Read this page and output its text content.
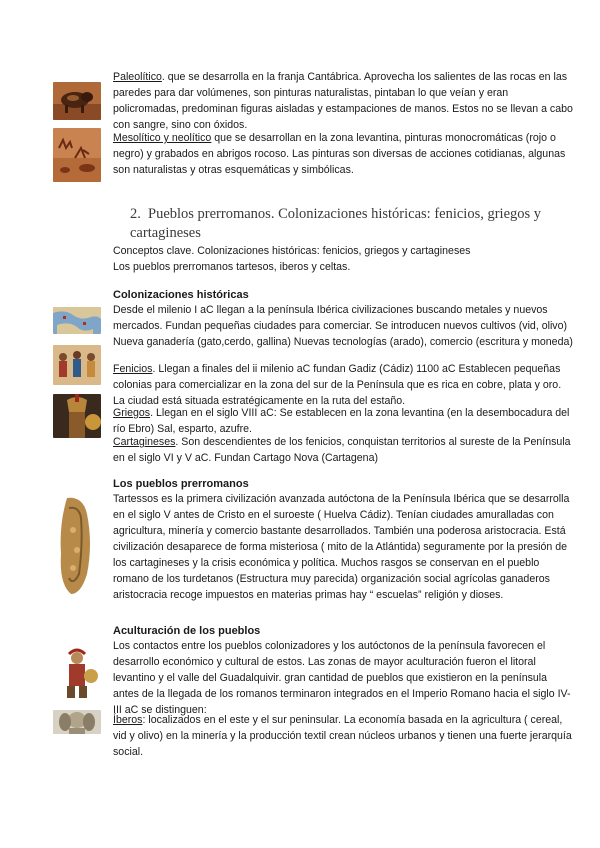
Paleolítico. que se desarrolla en la franja Cantábrica. Aprovecha los salientes de las rocas en las paredes para dar volúmenes, son pinturas naturalistas, pintaban lo que veían y eran policromadas, predominan figuras aisladas y estampaciones de manos. Estos no se llevan a cabo con sangre, sino con óxidos.

Mesolítico y neolítico que se desarrollan en la zona levantina, pinturas monocromáticas (rojo o negro) y grabados en abrigos rocoso. Las pinturas son diversas de acciones cotidianas, algunas son naturalistas y otras esquemáticas y simbólicas.

2. Pueblos prerromanos. Colonizaciones históricas: fenicios, griegos y cartagineses

Conceptos clave. Colonizaciones históricas: fenicios, griegos y cartagineses

Los pueblos prerromanos tartesos, iberos y celtas.

Colonizaciones históricas

Desde el milenio I aC llegan a la península Ibérica civilizaciones buscando metales y nuevos mercados. Fundan pequeñas ciudades para comerciar. Se introducen nuevos cultivos (vid, olivo) Nueva ganadería (gato,cerdo, gallina) Nuevas tecnologías (arado), comercio (escritura y moneda)

Fenicios. Llegan a finales del ii milenio aC fundan Gadiz (Cádiz) 1100 aC Establecen pequeñas colonias para comercializar en la zona del sur de la Península que es rica en cobre, plata y oro. La ciudad está situada estratégicamente en la ruta del estaño.

Griegos. Llegan en el siglo VIII aC: Se establecen en la zona levantina (en la desembocadura del río Ebro) Sal, esparto, azufre.

Cartagineses. Son descendientes de los fenicios, conquistan territorios al sureste de la Península en el siglo VI y V aC. Fundan Cartago Nova (Cartagena)

Los pueblos prerromanos

Tartessos es la primera civilización avanzada autóctona de la Península Ibérica que se desarrolla en el siglo V antes de Cristo en el suroeste ( Huelva Cádiz). Tenían ciudades amuralladas con agricultura, minería y comercio bastante desarrollados. También una poderosa aristocracia. Está civilización desaparece de forma misteriosa ( mito de la Atlántida) seguramente por la presión de los cartagineses y la crisis económica y política. Muchos rasgos se conservan en el pueblo romano de los turdetanos (Estructura muy parecida) organización social agrícolas ganaderos aristocracia recoge impuestos en materias primas hay “ escuelas” religión y dioses.

Aculturación de los pueblos

Los contactos entre los pueblos colonizadores y los autóctonos de la península favorecen el desarrollo económico y cultural de estos. Las zonas de mayor aculturación fueron el litoral levantino y el valle del Guadalquivir. gran cantidad de pueblos que existieron en la península antes de la llegada de los romanos terminaron integrados en el Imperio Romano hacia el siglo IV-III aC se distinguen:

Íberos: localizados en el este y el sur peninsular. La economía basada en la agricultura ( cereal, vid y olivo) en la minería y la producción textil crean núcleos urbanos y tienen una fuerte jerarquía social.
